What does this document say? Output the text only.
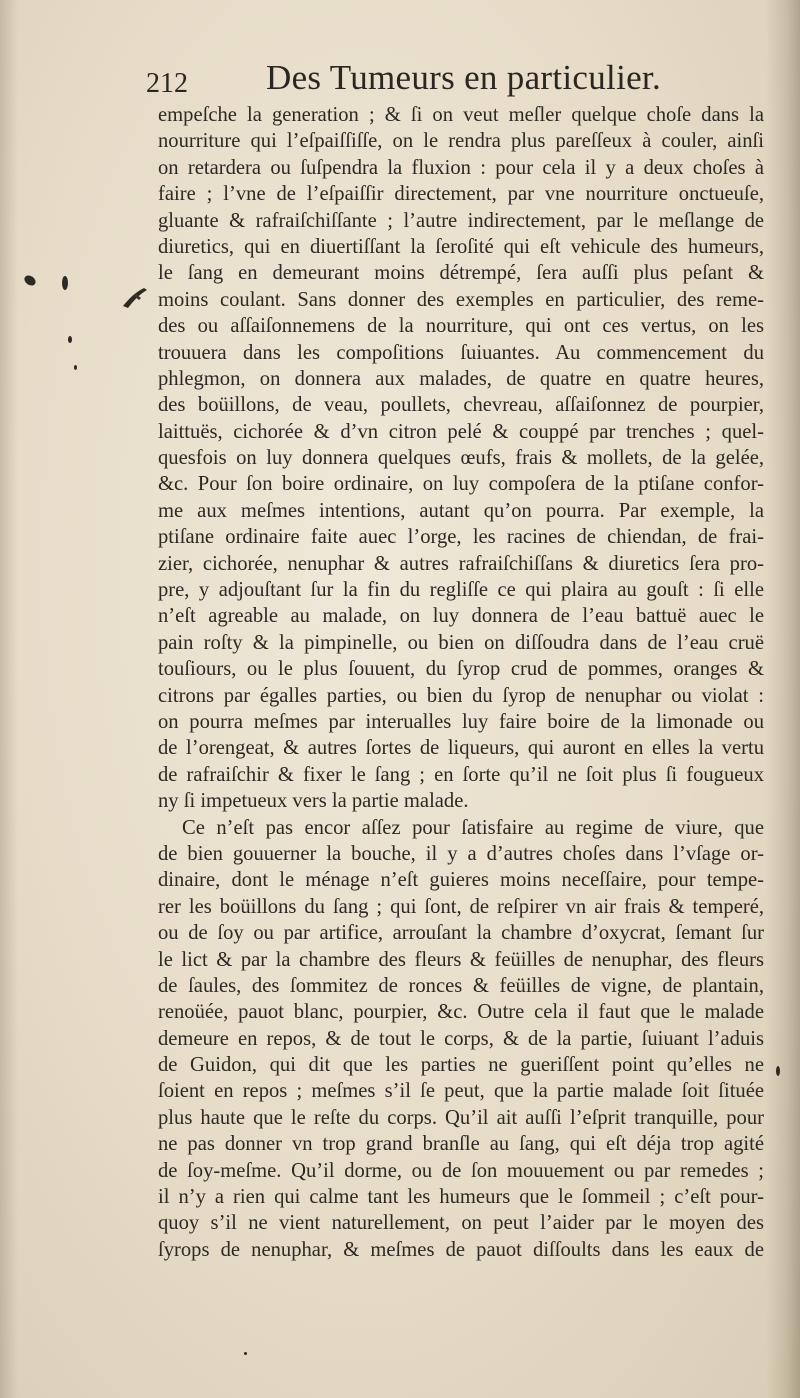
212 Des Tumeurs en particulier.
empeſche la generation ; & ſi on veut meſler quelque choſe dans la
nourriture qui l’eſpaiſſiſſe, on le rendra plus pareſſeux à couler, ainſi
on retardera ou ſuſpendra la fluxion : pour cela il y a deux choſes à
faire ; l’vne de l’eſpaiſſir directement, par vne nourriture onctueuſe,
gluante & rafraiſchiſſante ; l’autre indirectement, par le meſlange de
diuretics, qui en diuertiſſant la ſeroſité qui eſt vehicule des humeurs,
le ſang en demeurant moins détrempé, ſera auſſi plus peſant &
moins coulant. Sans donner des exemples en particulier, des reme-
des ou aſſaiſonnemens de la nourriture, qui ont ces vertus, on les
trouuera dans les compoſitions ſuiuantes. Au commencement du
phlegmon, on donnera aux malades, de quatre en quatre heures,
des boüillons, de veau, poullets, chevreau, aſſaiſonnez de pourpier,
laittuës, cichorée & d’vn citron pelé & couppé par trenches ; quel-
quesfois on luy donnera quelques œufs, frais & mollets, de la gelée,
&c. Pour ſon boire ordinaire, on luy compoſera de la ptiſane confor-
me aux meſmes intentions, autant qu’on pourra. Par exemple, la
ptiſane ordinaire faite auec l’orge, les racines de chiendan, de frai-
zier, cichorée, nenuphar & autres rafraiſchiſſans & diuretics ſera pro-
pre, y adjouſtant ſur la fin du regliſſe ce qui plaira au gouſt : ſi elle
n’eſt agreable au malade, on luy donnera de l’eau battuë auec le
pain roſty & la pimpinelle, ou bien on diſſoudra dans de l’eau cruë
touſiours, ou le plus ſouuent, du ſyrop crud de pommes, oranges &
citrons par égalles parties, ou bien du ſyrop de nenuphar ou violat :
on pourra meſmes par interualles luy faire boire de la limonade ou
de l’orengeat, & autres ſortes de liqueurs, qui auront en elles la vertu
de rafraiſchir & fixer le ſang ; en ſorte qu’il ne ſoit plus ſi fougueux
ny ſi impetueux vers la partie malade.
Ce n’eſt pas encor aſſez pour ſatisfaire au regime de viure, que
de bien gouuerner la bouche, il y a d’autres choſes dans l’vſage or-
dinaire, dont le ménage n’eſt guieres moins neceſſaire, pour tempe-
rer les boüillons du ſang ; qui ſont, de reſpirer vn air frais & temperé,
ou de ſoy ou par artifice, arrouſant la chambre d’oxycrat, ſemant ſur
le lict & par la chambre des fleurs & feüilles de nenuphar, des fleurs
de ſaules, des ſommitez de ronces & feüilles de vigne, de plantain,
renoüée, pauot blanc, pourpier, &c. Outre cela il faut que le malade
demeure en repos, & de tout le corps, & de la partie, ſuiuant l’aduis
de Guidon, qui dit que les parties ne gueriſſent point qu’elles ne
ſoient en repos ; meſmes s’il ſe peut, que la partie malade ſoit ſituée
plus haute que le reſte du corps. Qu’il ait auſſi l’eſprit tranquille, pour
ne pas donner vn trop grand branſle au ſang, qui eſt déja trop agité
de ſoy-meſme. Qu’il dorme, ou de ſon mouuement ou par remedes ;
il n’y a rien qui calme tant les humeurs que le ſommeil ; c’eſt pour-
quoy s’il ne vient naturellement, on peut l’aider par le moyen des
ſyrops de nenuphar, & meſmes de pauot diſſoults dans les eaux de
